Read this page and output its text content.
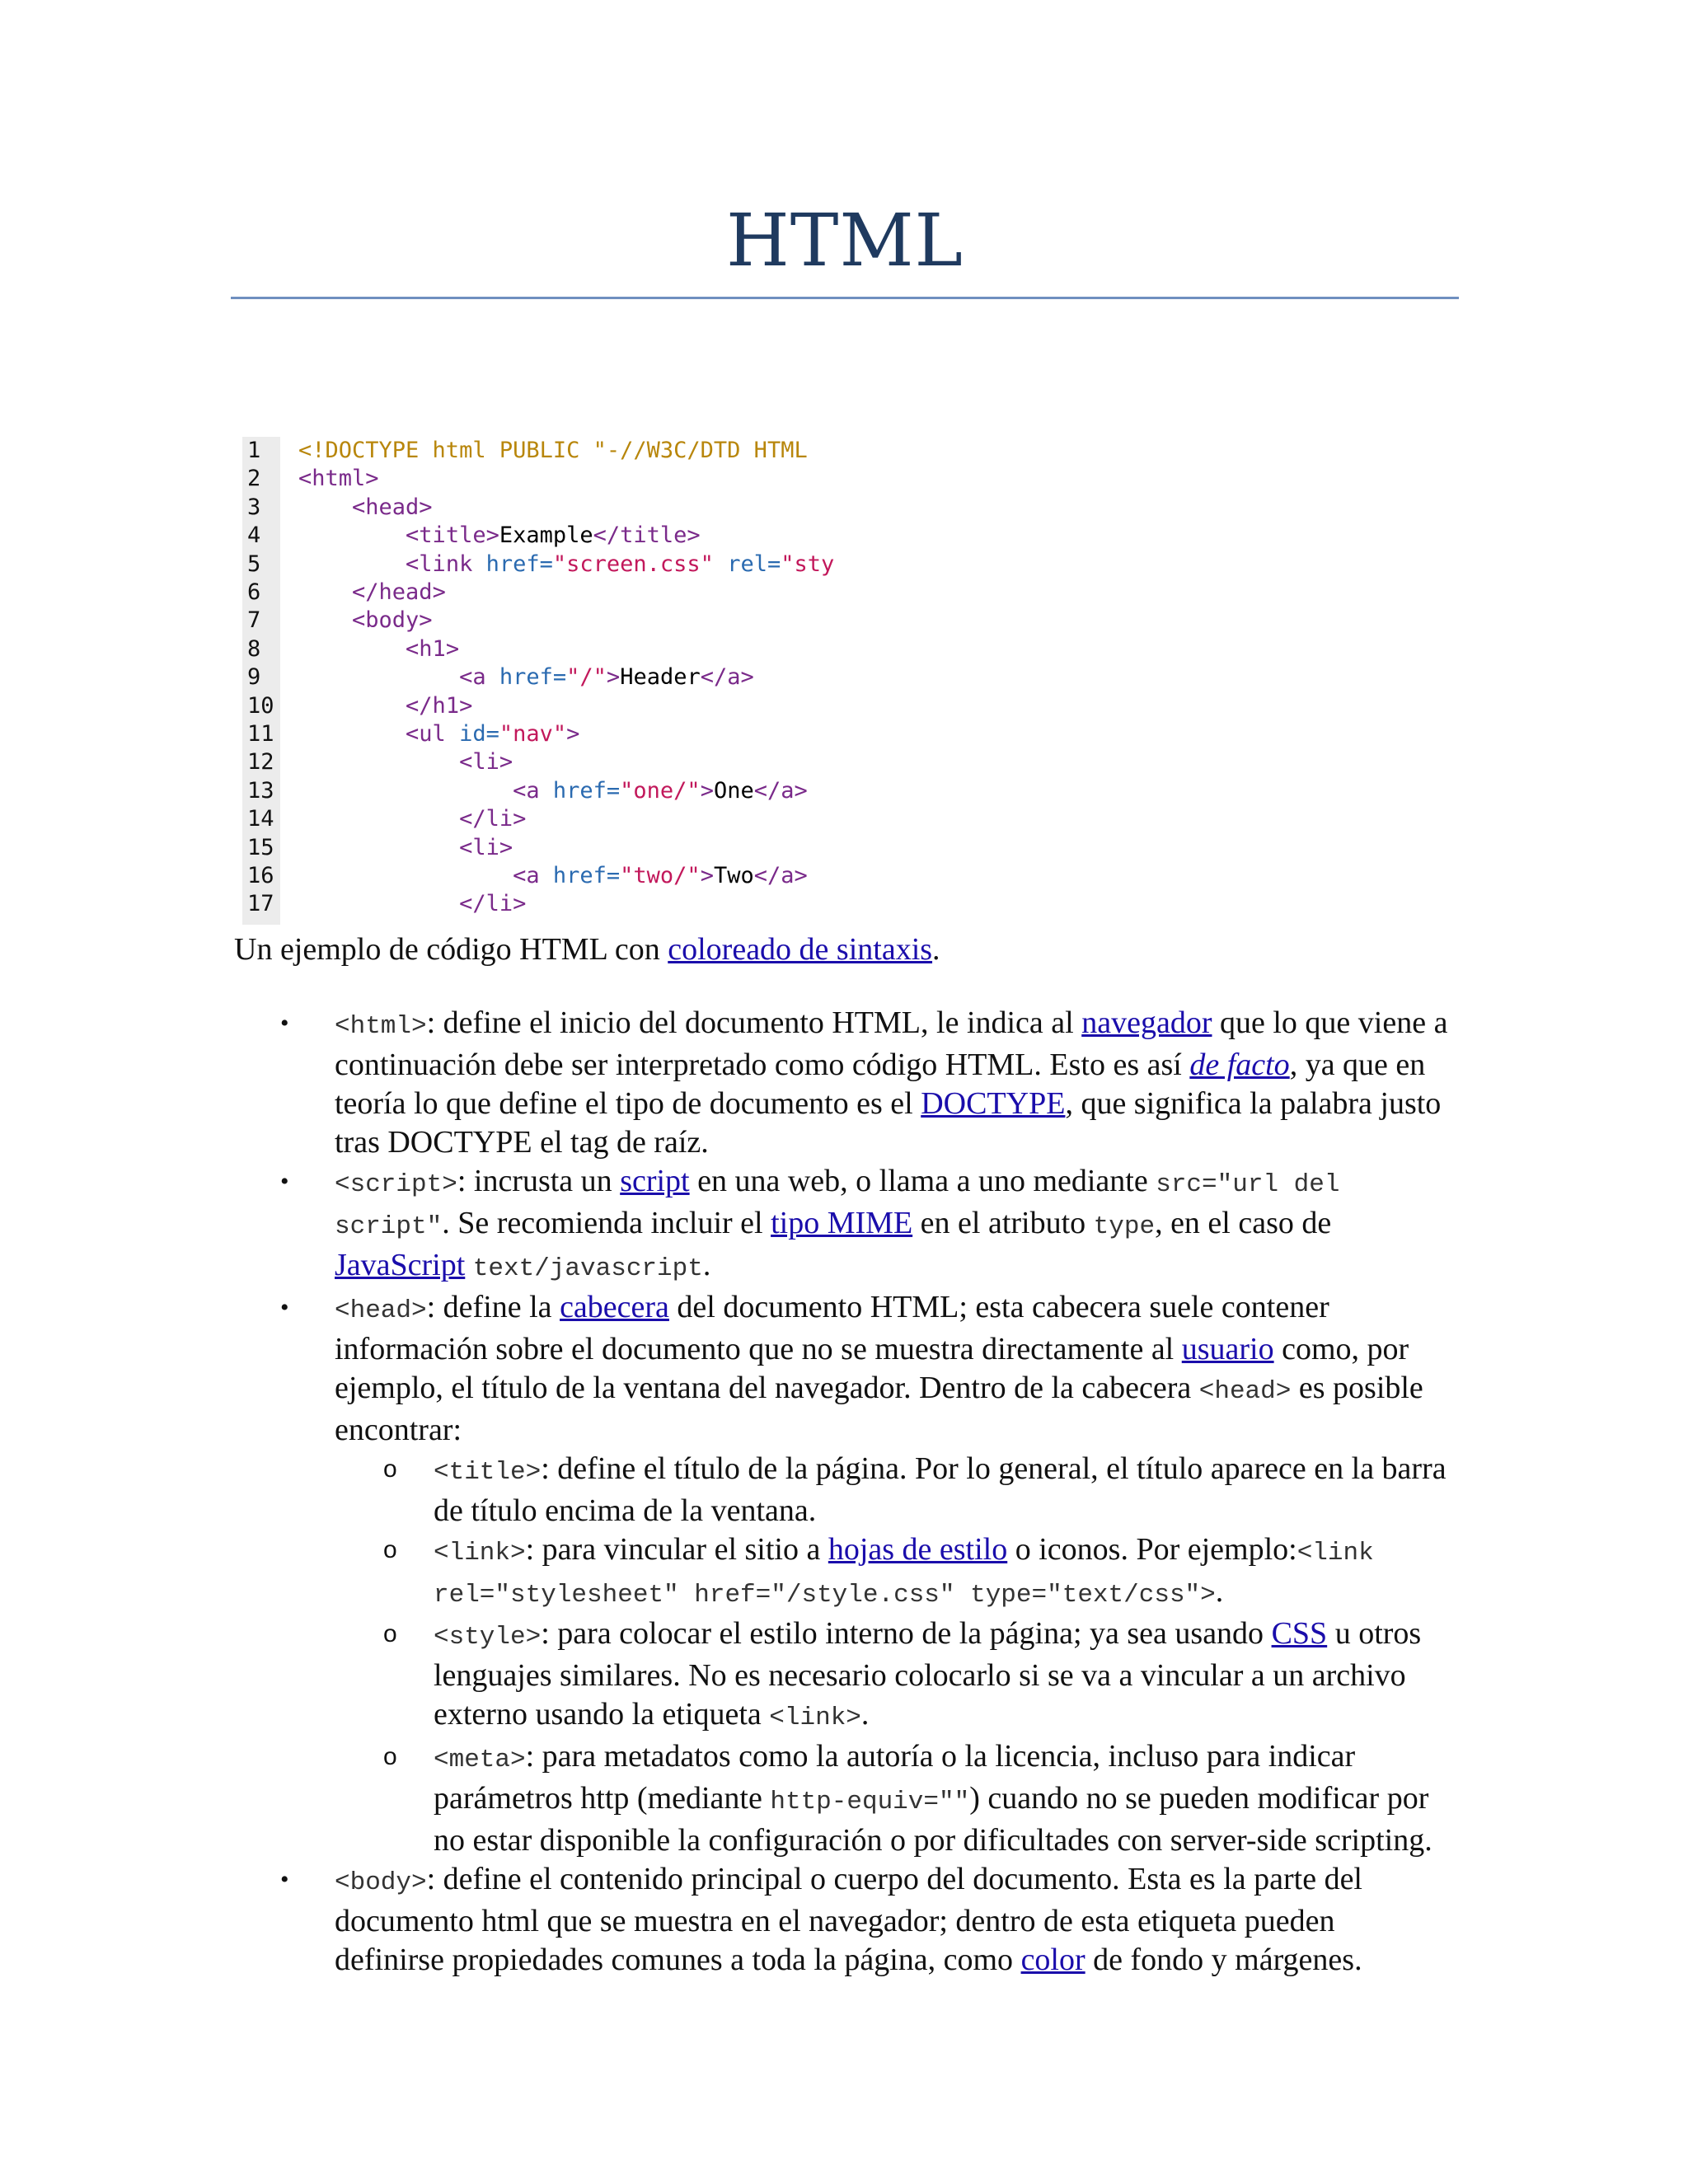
HTML
1	<!DOCTYPE html PUBLIC "-//W3C/DTD HTML
2	<html>
3	<head>
4	<title>Example</title>
5	<link href="screen.css" rel="sty
6	</head>
7	<body>
8	<h1>
9	<a href="/">Header</a>
10	</h1>
11	<ul id="nav">
12	<li>
13	<a href="one/">One</a>
14	</li>
15	<li>
16	<a href="two/">Two</a>
17	</li>
Un ejemplo de código HTML con coloreado de sintaxis.
•	<html>: define el inicio del documento HTML, le indica al navegador que lo que viene a continuación debe ser interpretado como código HTML. Esto es así de facto, ya que en teoría lo que define el tipo de documento es el DOCTYPE, que significa la palabra justo tras DOCTYPE el tag de raíz.
•	<script>: incrusta un script en una web, o llama a uno mediante src="url del script". Se recomienda incluir el tipo MIME en el atributo type, en el caso de JavaScript text/javascript.
•	<head>: define la cabecera del documento HTML; esta cabecera suele contener información sobre el documento que no se muestra directamente al usuario como, por ejemplo, el título de la ventana del navegador. Dentro de la cabecera <head> es posible encontrar:
o <title>: define el título de la página. Por lo general, el título aparece en la barra de título encima de la ventana.
o <link>: para vincular el sitio a hojas de estilo o iconos. Por ejemplo:<link rel="stylesheet" href="/style.css" type="text/css">.
o <style>: para colocar el estilo interno de la página; ya sea usando CSS u otros lenguajes similares. No es necesario colocarlo si se va a vincular a un archivo externo usando la etiqueta <link>.
o <meta>: para metadatos como la autoría o la licencia, incluso para indicar parámetros http (mediante http-equiv="") cuando no se pueden modificar por no estar disponible la configuración o por dificultades con server-side scripting.
•	<body>: define el contenido principal o cuerpo del documento. Esta es la parte del documento html que se muestra en el navegador; dentro de esta etiqueta pueden definirse propiedades comunes a toda la página, como color de fondo y márgenes.
